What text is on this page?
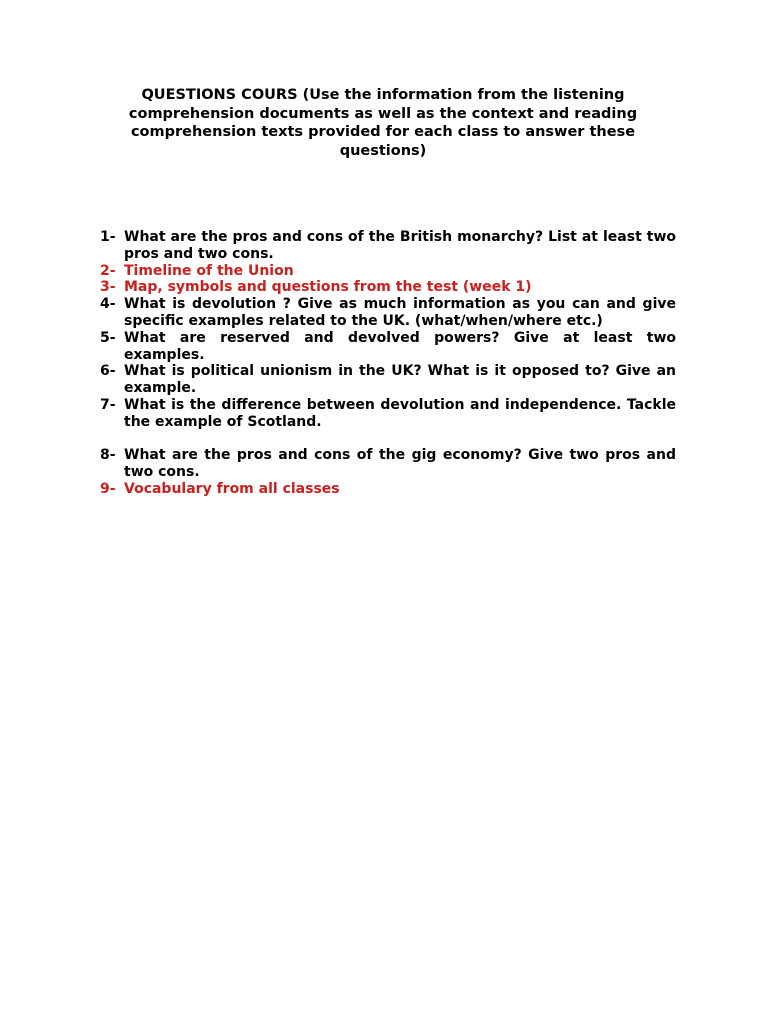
QUESTIONS COURS (Use the information from the listening comprehension documents as well as the context and reading comprehension texts provided for each class to answer these questions)

1- What are the pros and cons of the British monarchy? List at least two pros and two cons.
2- Timeline of the Union
3- Map, symbols and questions from the test (week 1)
4- What is devolution ? Give as much information as you can and give specific examples related to the UK. (what/when/where etc.)
5- What are reserved and devolved powers? Give at least two examples.
6- What is political unionism in the UK? What is it opposed to? Give an example.
7- What is the difference between devolution and independence. Tackle the example of Scotland.
8- What are the pros and cons of the gig economy? Give two pros and two cons.
9- Vocabulary from all classes
